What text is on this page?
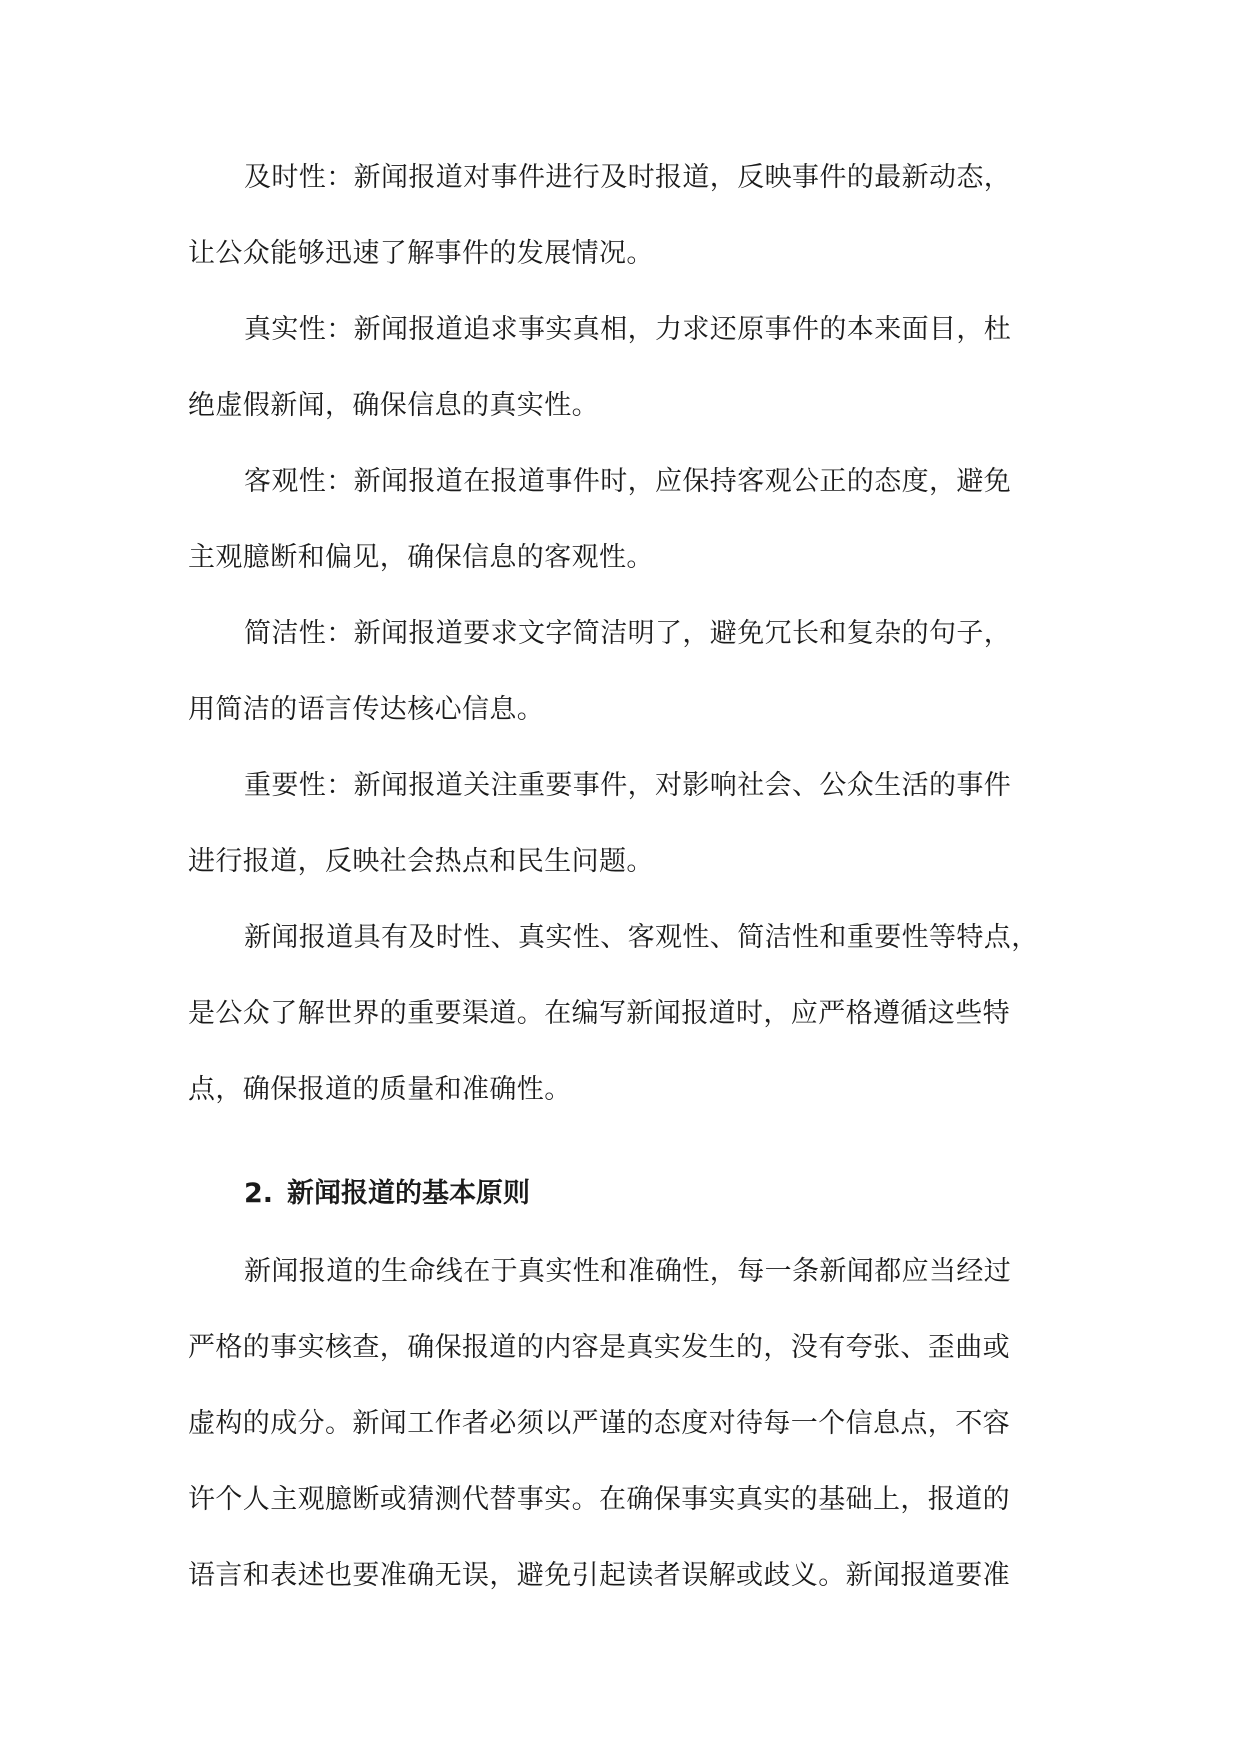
及时性：新闻报道对事件进行及时报道，反映事件的最新动态，
让公众能够迅速了解事件的发展情况。
真实性：新闻报道追求事实真相，力求还原事件的本来面目，杜
绝虚假新闻，确保信息的真实性。
客观性：新闻报道在报道事件时，应保持客观公正的态度，避免
主观臆断和偏见，确保信息的客观性。
简洁性：新闻报道要求文字简洁明了，避免冗长和复杂的句子，
用简洁的语言传达核心信息。
重要性：新闻报道关注重要事件，对影响社会、公众生活的事件
进行报道，反映社会热点和民生问题。
新闻报道具有及时性、真实性、客观性、简洁性和重要性等特点，
是公众了解世界的重要渠道。在编写新闻报道时，应严格遵循这些特
点，确保报道的质量和准确性。
2. 新闻报道的基本原则
新闻报道的生命线在于真实性和准确性，每一条新闻都应当经过
严格的事实核查，确保报道的内容是真实发生的，没有夸张、歪曲或
虚构的成分。新闻工作者必须以严谨的态度对待每一个信息点，不容
许个人主观臆断或猜测代替事实。在确保事实真实的基础上，报道的
语言和表述也要准确无误，避免引起读者误解或歧义。新闻报道要准
